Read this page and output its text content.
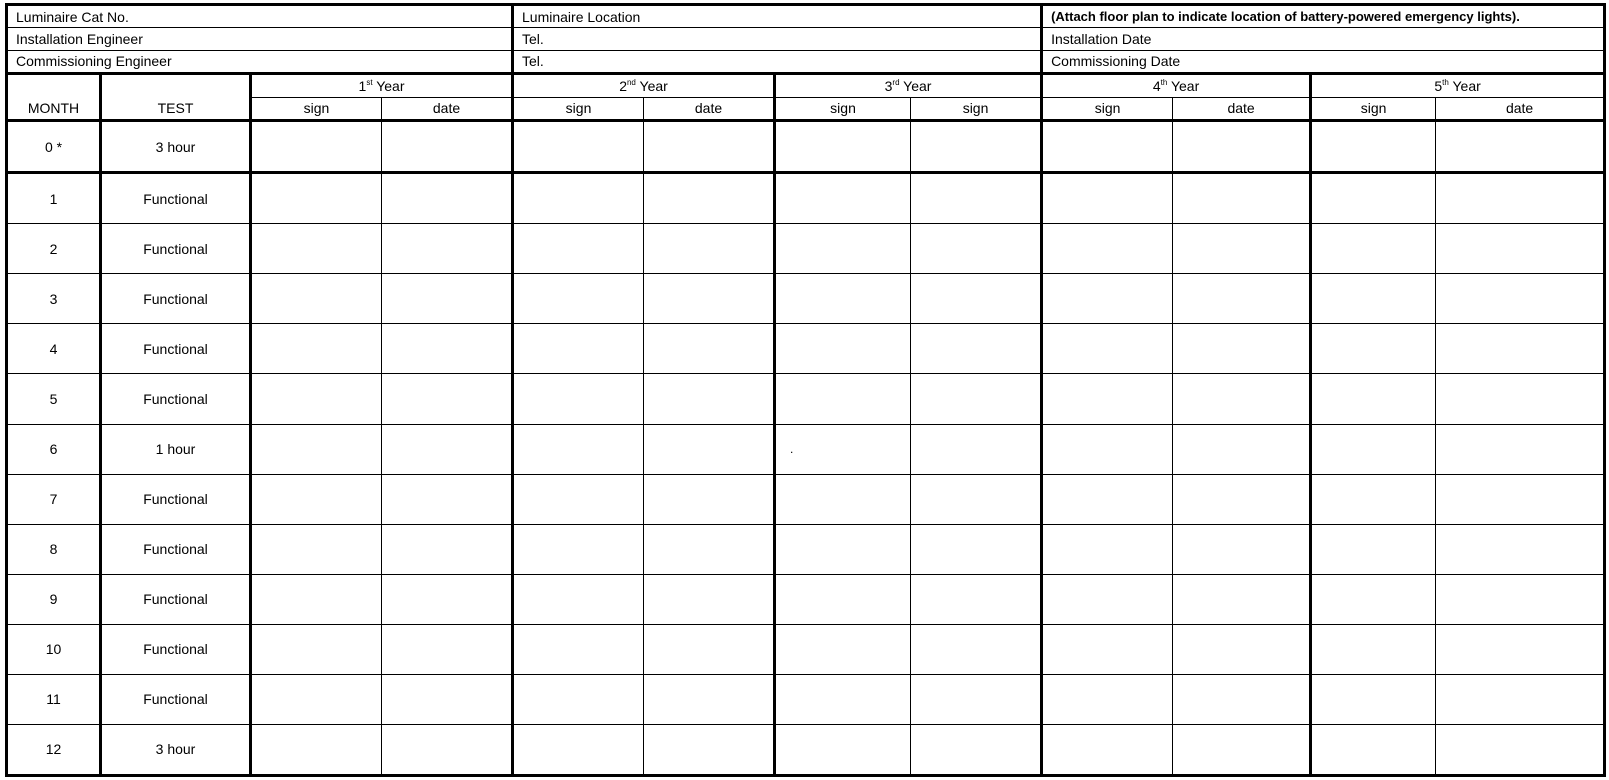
Luminaire Cat No.				Luminaire Location				(Attach floor plan to indicate location of battery-powered emergency lights).			
Installation Engineer				Tel.				Installation Date			
Commissioning Engineer				Tel.				Commissioning Date			
MONTH	TEST	1st Year		2nd Year		3rd Year		4th Year		5th Year	
		sign	date	sign	date	sign	sign	sign	date	sign	date
0 *	3 hour										
1	Functional										
2	Functional										
3	Functional										
4	Functional										
5	Functional										
6	1 hour					.					

7	Functional										
8	Functional										
9	Functional										
10	Functional										
11	Functional										
12	3 hour										
